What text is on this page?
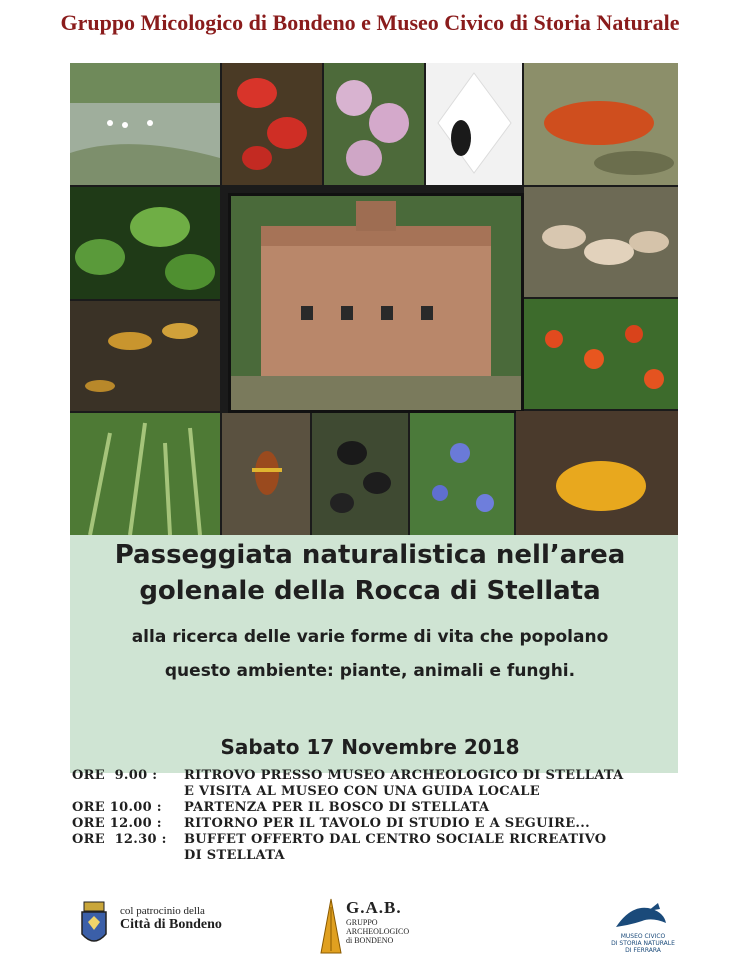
Gruppo Micologico di Bondeno e Museo Civico di Storia Naturale
Passeggiata naturalistica nell’area
golenale della Rocca di Stellata
alla ricerca delle varie forme di vita che popolano
questo ambiente: piante, animali e funghi.
Sabato 17 Novembre 2018
ORE  9.00 :	RITROVO PRESSO MUSEO ARCHEOLOGICO DI STELLATA
E VISITA AL MUSEO CON UNA GUIDA LOCALE
ORE 10.00 :	PARTENZA PER IL BOSCO DI STELLATA
ORE 12.00 :	RITORNO PER IL TAVOLO DI STUDIO E A SEGUIRE...
ORE  12.30 :	BUFFET OFFERTO DAL CENTRO SOCIALE RICREATIVO
DI STELLATA
col patrocinio della
Città di Bondeno
G.A.B.
GRUPPO
ARCHEOLOGICO
di BONDENO	MUSEO CIVICO
DI STORIA NATURALE
DI FERRARA
